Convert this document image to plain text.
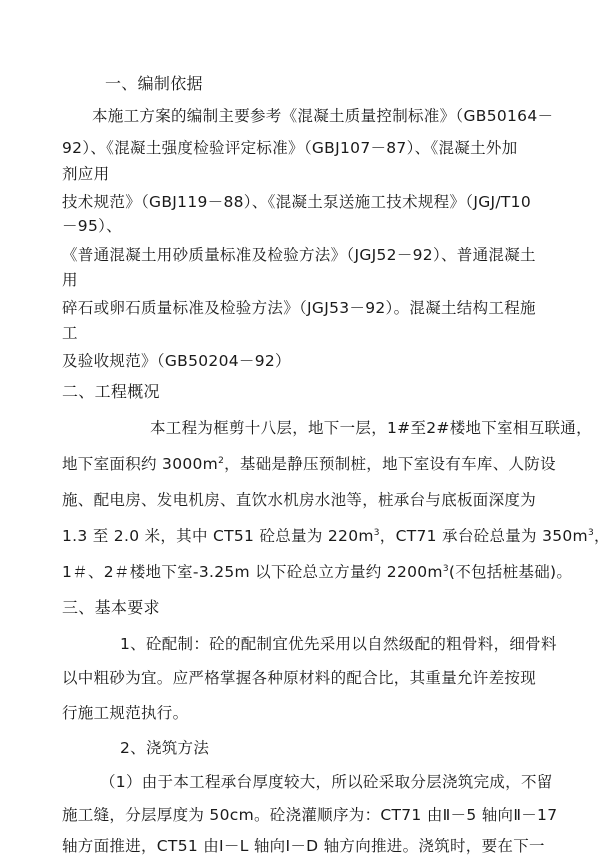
一、编制依据
本施工方案的编制主要参考《混凝土质量控制标准》（GB50164－
92）、《混凝土强度检验评定标准》（GBJ107－87）、《混凝土外加
剂应用
技术规范》（GBJ119－88）、《混凝土泵送施工技术规程》（JGJ/T10
－95）、
《普通混凝土用砂质量标准及检验方法》（JGJ52－92）、普通混凝土
用
碎石或卵石质量标准及检验方法》（JGJ53－92）。混凝土结构工程施
工
及验收规范》（GB50204－92）
二、工程概况
本工程为框剪十八层，地下一层，1#至2#楼地下室相互联通，
地下室面积约 $3000m^2$，基础是静压预制桩，地下室设有车库、人防设
施、配电房、发电机房、直饮水机房水池等，桩承台与底板面深度为
1.3 至 2.0 米，其中 CT51 砼总量为 $220m^3$，CT71 承台砼总量为 $350m^3$，
1＃、2＃楼地下室-3.25m 以下砼总立方量约 $2200m^3$(不包括桩基础)。
三、基本要求
1、砼配制：砼的配制宜优先采用以自然级配的粗骨料，细骨料
以中粗砂为宜。应严格掌握各种原材料的配合比，其重量允许差按现
行施工规范执行。
2、浇筑方法
（1）由于本工程承台厚度较大，所以砼采取分层浇筑完成，不留
施工缝，分层厚度为 50cm。砼浇灌顺序为：CT71 由Ⅱ－5 轴向Ⅱ－17
轴方面推进，CT51 由Ⅰ－L 轴向Ⅰ－D 轴方向推进。浇筑时，要在下一
